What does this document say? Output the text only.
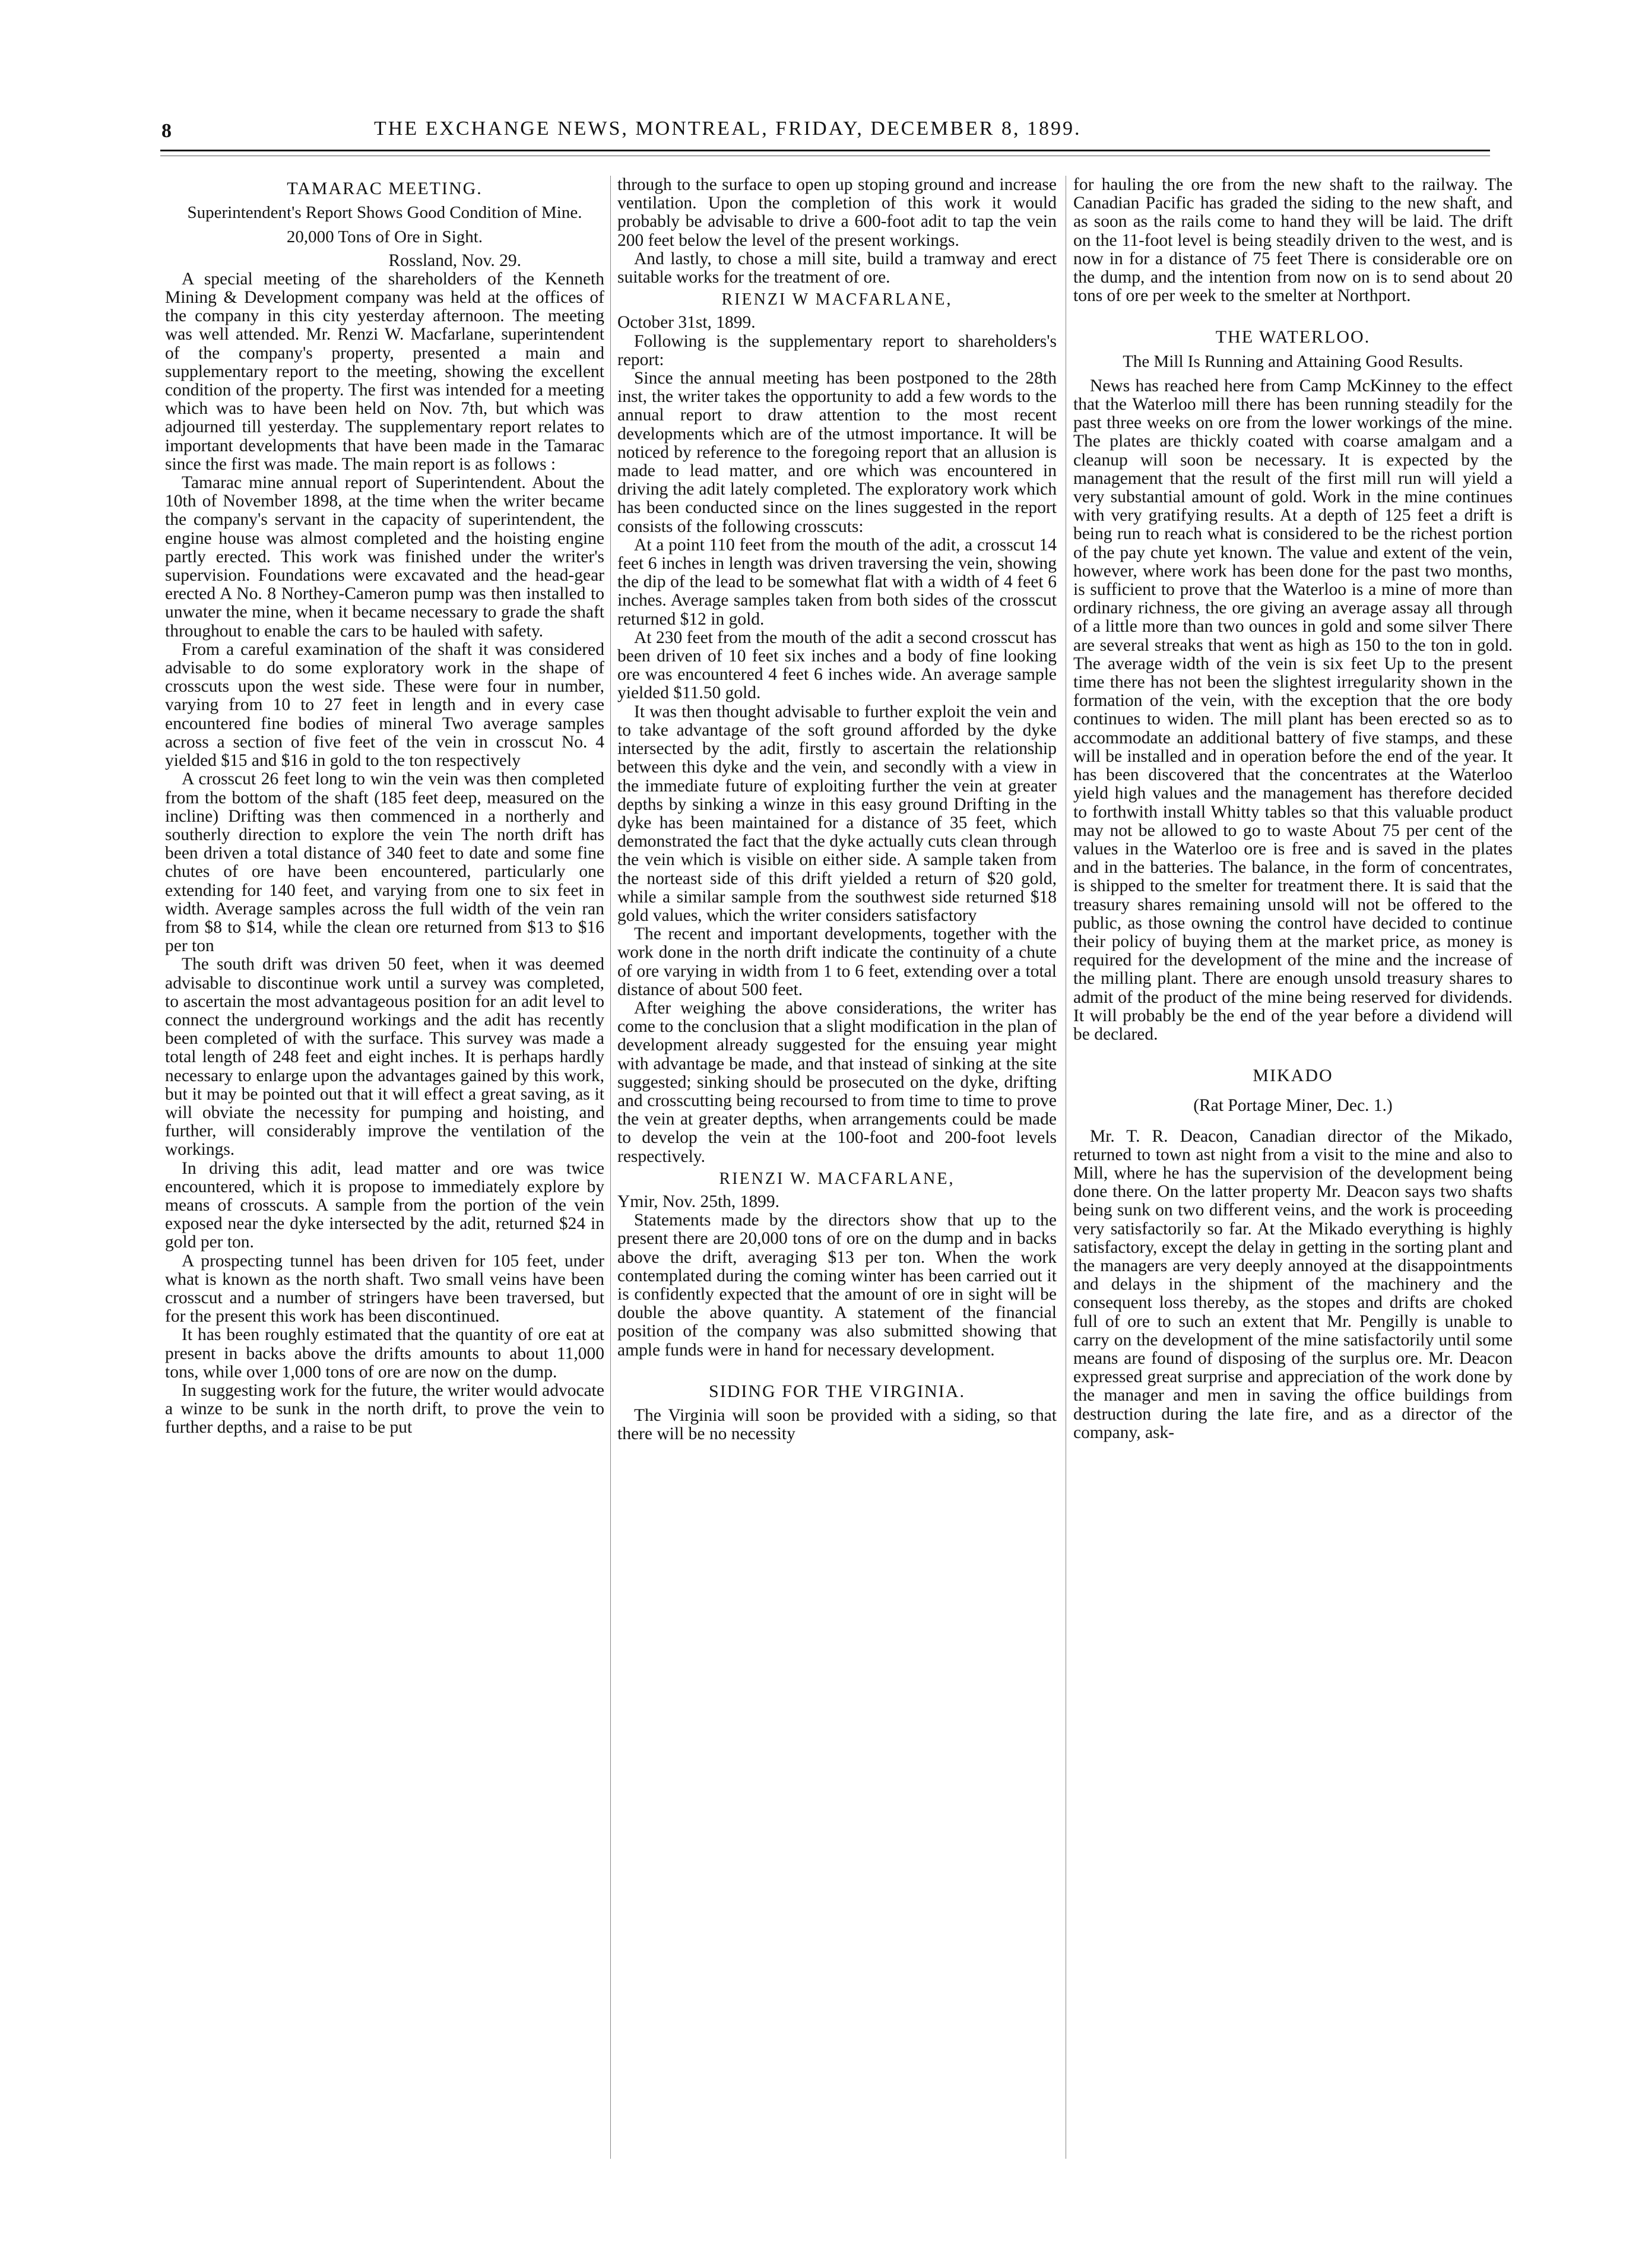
8	THE EXCHANGE NEWS, MONTREAL, FRIDAY, DECEMBER 8, 1899.
TAMARAC MEETING.
Superintendent's Report Shows Good Condition of Mine.
20,000 Tons of Ore in Sight.

Rossland, Nov. 29.

A special meeting of the shareholders of the Kenneth Mining & Development company was held at the offices of the company in this city yesterday afternoon. The meeting was well attended. Mr. Renzi W. Macfarlane, superintendent of the company's property, presented a main and supplementary report to the meeting, showing the excellent condition of the property. The first was intended for a meeting which was to have been held on Nov. 7th, but which was adjourned till yesterday. The supplementary report relates to important developments that have been made in the Tamarac since the first was made. The main report is as follows :

Tamarac mine annual report of Superintendent. About the 10th of November 1898, at the time when the writer became the company's servant in the capacity of superintendent, the engine house was almost completed and the hoisting engine partly erected. This work was finished under the writer's supervision. Foundations were excavated and the head-gear erected A No. 8 Northey-Cameron pump was then installed to unwater the mine, when it became necessary to grade the shaft throughout to enable the cars to be hauled with safety.

From a careful examination of the shaft it was considered advisable to do some exploratory work in the shape of crosscuts upon the west side. These were four in number, varying from 10 to 27 feet in length and in every case encountered fine bodies of mineral Two average samples across a section of five feet of the vein in crosscut No. 4 yielded $15 and $16 in gold to the ton respectively

A crosscut 26 feet long to win the vein was then completed from the bottom of the shaft (185 feet deep, measured on the incline) Drifting was then commenced in a northerly and southerly direction to explore the vein The north drift has been driven a total distance of 340 feet to date and some fine chutes of ore have been encountered, particularly one extending for 140 feet, and varying from one to six feet in width. Average samples across the full width of the vein ran from $8 to $14, while the clean ore returned from $13 to $16 per ton

The south drift was driven 50 feet, when it was deemed advisable to discontinue work until a survey was completed, to ascertain the most advantageous position for an adit level to connect the underground workings and the adit has recently been completed of with the surface. This survey was made a total length of 248 feet and eight inches. It is perhaps hardly necessary to enlarge upon the advantages gained by this work, but it may be pointed out that it will effect a great saving, as it will obviate the necessity for pumping and hoisting, and further, will considerably improve the ventilation of the workings.

In driving this adit, lead matter and ore was twice encountered, which it is propose to immediately explore by means of crosscuts. A sample from the portion of the vein exposed near the dyke intersected by the adit, returned $24 in gold per ton.

A prospecting tunnel has been driven for 105 feet, under what is known as the north shaft. Two small veins have been crosscut and a number of stringers have been traversed, but for the present this work has been discontinued.

It has been roughly estimated that the quantity of ore eat at present in backs above the drifts amounts to about 11,000 tons, while over 1,000 tons of ore are now on the dump.

In suggesting work for the future, the writer would advocate a winze to be sunk in the north drift, to prove the vein to further depths, and a raise to be put

through to the surface to open up stoping ground and increase ventilation. Upon the completion of this work it would probably be advisable to drive a 600-foot adit to tap the vein 200 feet below the level of the present workings.

And lastly, to chose a mill site, build a tramway and erect suitable works for the treatment of ore.

RIENZI W MACFARLANE,

October 31st, 1899.

Following is the supplementary report to shareholders's report:

Since the annual meeting has been postponed to the 28th inst, the writer takes the opportunity to add a few words to the annual report to draw attention to the most recent developments which are of the utmost importance. It will be noticed by reference to the foregoing report that an allusion is made to lead matter, and ore which was encountered in driving the adit lately completed. The exploratory work which has been conducted since on the lines suggested in the report consists of the following crosscuts:

At a point 110 feet from the mouth of the adit, a crosscut 14 feet 6 inches in length was driven traversing the vein, showing the dip of the lead to be somewhat flat with a width of 4 feet 6 inches. Average samples taken from both sides of the crosscut returned $12 in gold.

At 230 feet from the mouth of the adit a second crosscut has been driven of 10 feet six inches and a body of fine looking ore was encountered 4 feet 6 inches wide. An average sample yielded $11.50 gold.

It was then thought advisable to further exploit the vein and to take advantage of the soft ground afforded by the dyke intersected by the adit, firstly to ascertain the relationship between this dyke and the vein, and secondly with a view in the immediate future of exploiting further the vein at greater depths by sinking a winze in this easy ground Drifting in the dyke has been maintained for a distance of 35 feet, which demonstrated the fact that the dyke actually cuts clean through the vein which is visible on either side. A sample taken from the norteast side of this drift yielded a return of $20 gold, while a similar sample from the southwest side returned $18 gold values, which the writer considers satisfactory

The recent and important developments, together with the work done in the north drift indicate the continuity of a chute of ore varying in width from 1 to 6 feet, extending over a total distance of about 500 feet.

After weighing the above considerations, the writer has come to the conclusion that a slight modification in the plan of development already suggested for the ensuing year might with advantage be made, and that instead of sinking at the site suggested; sinking should be prosecuted on the dyke, drifting and crosscutting being recoursed to from time to time to prove the vein at greater depths, when arrangements could be made to develop the vein at the 100-foot and 200-foot levels respectively.

RIENZI W. MACFARLANE,

Ymir, Nov. 25th, 1899.

Statements made by the directors show that up to the present there are 20,000 tons of ore on the dump and in backs above the drift, averaging $13 per ton. When the work contemplated during the coming winter has been carried out it is confidently expected that the amount of ore in sight will be double the above quantity. A statement of the financial position of the company was also submitted showing that ample funds were in hand for necessary development.

SIDING FOR THE VIRGINIA.

The Virginia will soon be provided with a siding, so that there will be no necessity

for hauling the ore from the new shaft to the railway. The Canadian Pacific has graded the siding to the new shaft, and as soon as the rails come to hand they will be laid. The drift on the 11-foot level is being steadily driven to the west, and is now in for a distance of 75 feet There is considerable ore on the dump, and the intention from now on is to send about 20 tons of ore per week to the smelter at Northport.

THE WATERLOO.
The Mill Is Running and Attaining Good Results.

News has reached here from Camp McKinney to the effect that the Waterloo mill there has been running steadily for the past three weeks on ore from the lower workings of the mine. The plates are thickly coated with coarse amalgam and a cleanup will soon be necessary. It is expected by the management that the result of the first mill run will yield a very substantial amount of gold. Work in the mine continues with very gratifying results. At a depth of 125 feet a drift is being run to reach what is considered to be the richest portion of the pay chute yet known. The value and extent of the vein, however, where work has been done for the past two months, is sufficient to prove that the Waterloo is a mine of more than ordinary richness, the ore giving an average assay all through of a little more than two ounces in gold and some silver There are several streaks that went as high as 150 to the ton in gold. The average width of the vein is six feet Up to the present time there has not been the slightest irregularity shown in the formation of the vein, with the exception that the ore body continues to widen. The mill plant has been erected so as to accommodate an additional battery of five stamps, and these will be installed and in operation before the end of the year. It has been discovered that the concentrates at the Waterloo yield high values and the management has therefore decided to forthwith install Whitty tables so that this valuable product may not be allowed to go to waste About 75 per cent of the values in the Waterloo ore is free and is saved in the plates and in the batteries. The balance, in the form of concentrates, is shipped to the smelter for treatment there. It is said that the treasury shares remaining unsold will not be offered to the public, as those owning the control have decided to continue their policy of buying them at the market price, as money is required for the development of the mine and the increase of the milling plant. There are enough unsold treasury shares to admit of the product of the mine being reserved for dividends. It will probably be the end of the year before a dividend will be declared.

MIKADO
(Rat Portage Miner, Dec. 1.)

Mr. T. R. Deacon, Canadian director of the Mikado, returned to town ast night from a visit to the mine and also to Mill, where he has the supervision of the development being done there. On the latter property Mr. Deacon says two shafts being sunk on two different veins, and the work is proceeding very satisfactorily so far. At the Mikado everything is highly satisfactory, except the delay in getting in the sorting plant and the managers are very deeply annoyed at the disappointments and delays in the shipment of the machinery and the consequent loss thereby, as the stopes and drifts are choked full of ore to such an extent that Mr. Pengilly is unable to carry on the development of the mine satisfactorily until some means are found of disposing of the surplus ore. Mr. Deacon expressed great surprise and appreciation of the work done by the manager and men in saving the office buildings from destruction during the late fire, and as a director of the company, ask-
